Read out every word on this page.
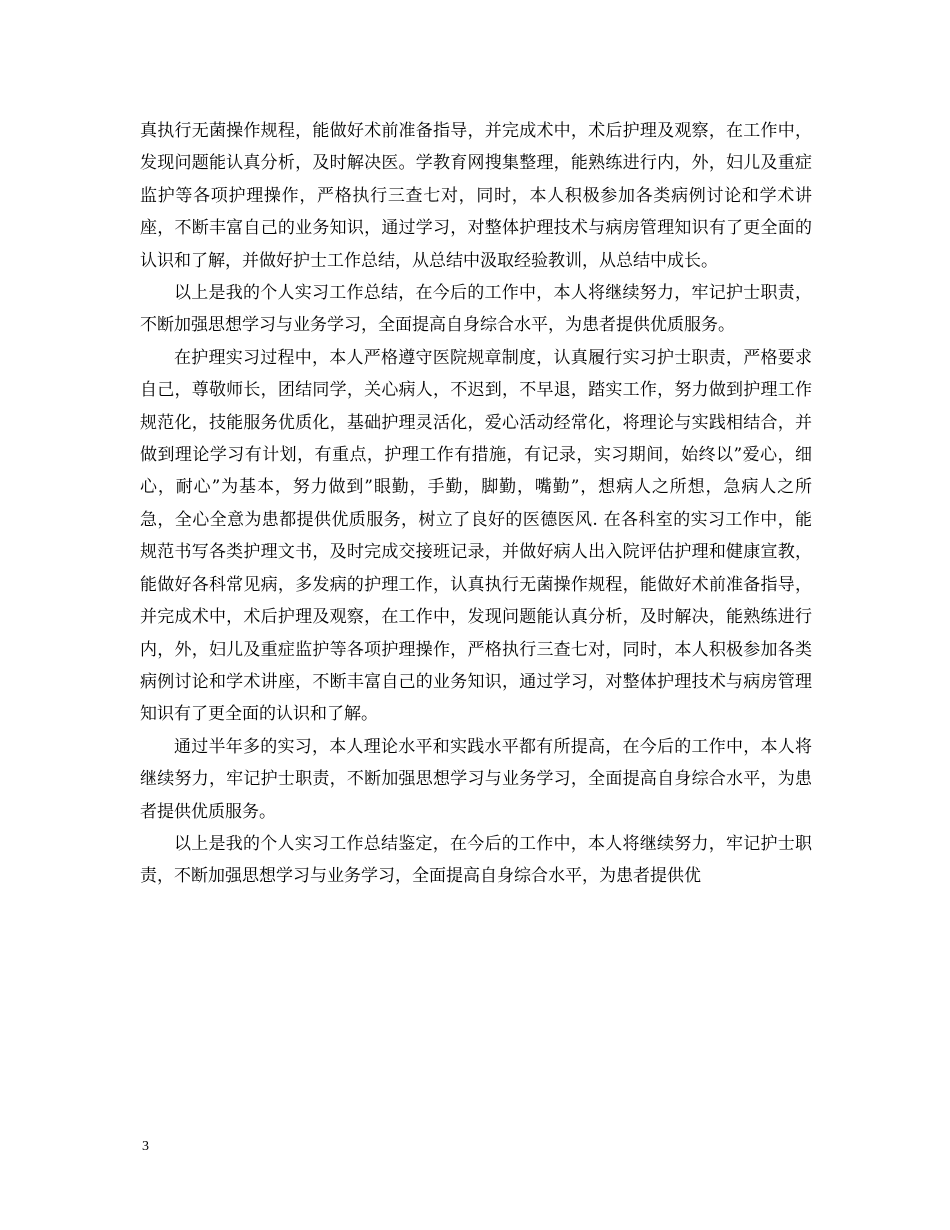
真执行无菌操作规程，能做好术前准备指导，并完成术中，术后护理及观察，在工作中，发现问题能认真分析，及时解决医。学教育网搜集整理，能熟练进行内，外，妇儿及重症监护等各项护理操作，严格执行三查七对，同时，本人积极参加各类病例讨论和学术讲座，不断丰富自己的业务知识，通过学习，对整体护理技术与病房管理知识有了更全面的认识和了解，并做好护士工作总结，从总结中汲取经验教训，从总结中成长。

以上是我的个人实习工作总结，在今后的工作中，本人将继续努力，牢记护士职责，不断加强思想学习与业务学习，全面提高自身综合水平，为患者提供优质服务。

在护理实习过程中，本人严格遵守医院规章制度，认真履行实习护士职责，严格要求自己，尊敬师长，团结同学，关心病人，不迟到，不早退，踏实工作，努力做到护理工作规范化，技能服务优质化，基础护理灵活化，爱心活动经常化，将理论与实践相结合，并做到理论学习有计划，有重点，护理工作有措施，有记录，实习期间，始终以”爱心，细心，耐心”为基本，努力做到”眼勤，手勤，脚勤，嘴勤”，想病人之所想，急病人之所急，全心全意为患都提供优质服务，树立了良好的医德医风. 在各科室的实习工作中，能规范书写各类护理文书，及时完成交接班记录，并做好病人出入院评估护理和健康宣教，能做好各科常见病，多发病的护理工作，认真执行无菌操作规程，能做好术前准备指导，并完成术中，术后护理及观察，在工作中，发现问题能认真分析，及时解决，能熟练进行内，外，妇儿及重症监护等各项护理操作，严格执行三查七对，同时，本人积极参加各类病例讨论和学术讲座，不断丰富自己的业务知识，通过学习，对整体护理技术与病房管理知识有了更全面的认识和了解。

通过半年多的实习，本人理论水平和实践水平都有所提高，在今后的工作中，本人将继续努力，牢记护士职责，不断加强思想学习与业务学习，全面提高自身综合水平，为患者提供优质服务。

以上是我的个人实习工作总结鉴定，在今后的工作中，本人将继续努力，牢记护士职责，不断加强思想学习与业务学习，全面提高自身综合水平，为患者提供优

3
